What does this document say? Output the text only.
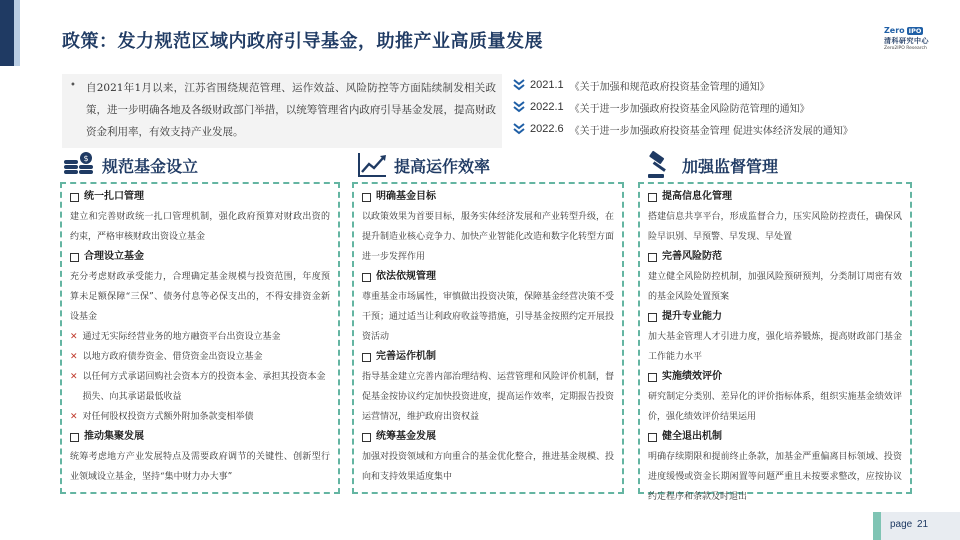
政策：发力规范区域内政府引导基金，助推产业高质量发展
Zero IPO
清科研究中心
Zero2IPO Research
• 自2021年1月以来，江苏省围绕规范管理、运作效益、风险防控等方面陆续制发相关政策，进一步明确各地及各级财政部门举措，以统筹管理省内政府引导基金发展，提高财政资金利用率，有效支持产业发展。
2021.1 《关于加强和规范政府投资基金管理的通知》
2022.1 《关于进一步加强政府投资基金风险防范管理的通知》
2022.6 《关于进一步加强政府投资基金管理 促进实体经济发展的通知》
$ 规范基金设立	提高运作效率	加强监督管理
统一扎口管理
建立和完善财政统一扎口管理机制，强化政府预算对财政出资的约束，严格审核财政出资设立基金
合理设立基金
充分考虑财政承受能力，合理确定基金规模与投资范围，年度预算未足额保障“三保”、债务付息等必保支出的，不得安排资金新设基金
✕ 通过无实际经营业务的地方融资平台出资设立基金
✕ 以地方政府债券资金、借贷资金出资设立基金
✕ 以任何方式承诺回购社会资本方的投资本金、承担其投资本金损失、向其承诺最低收益
✕ 对任何股权投资方式额外附加条款变相举债
推动集聚发展
统筹考虑地方产业发展特点及需要政府调节的关键性、创新型行业领域设立基金，坚持“集中财力办大事”
明确基金目标
以政策效果为首要目标，服务实体经济发展和产业转型升级，在提升制造业核心竞争力、加快产业智能化改造和数字化转型方面进一步发挥作用
依法依规管理
尊重基金市场属性，审慎做出投资决策，保障基金经营决策不受干预；通过适当让利政府收益等措施，引导基金按照约定开展投资活动
完善运作机制
指导基金建立完善内部治理结构、运营管理和风险评价机制，督促基金按协议约定加快投资进度，提高运作效率，定期报告投资运营情况，维护政府出资权益
统筹基金发展
加强对投资领域和方向重合的基金优化整合，推进基金规模、投向和支持效果适度集中
提高信息化管理
搭建信息共享平台，形成监督合力，压实风险防控责任，确保风险早识别、早预警、早发现、早处置
完善风险防范
建立健全风险防控机制，加强风险预研预判，分类制订周密有效的基金风险处置预案
提升专业能力
加大基金管理人才引进力度，强化培养锻炼，提高财政部门基金工作能力水平
实施绩效评价
研究制定分类别、差异化的评价指标体系，组织实施基金绩效评价，强化绩效评价结果运用
健全退出机制
明确存续期限和提前终止条款，加基金严重偏离目标领域、投资进度缓慢或资金长期闲置等问题严重且未按要求整改，应按协议约定程序和条款及时退出
page 21
